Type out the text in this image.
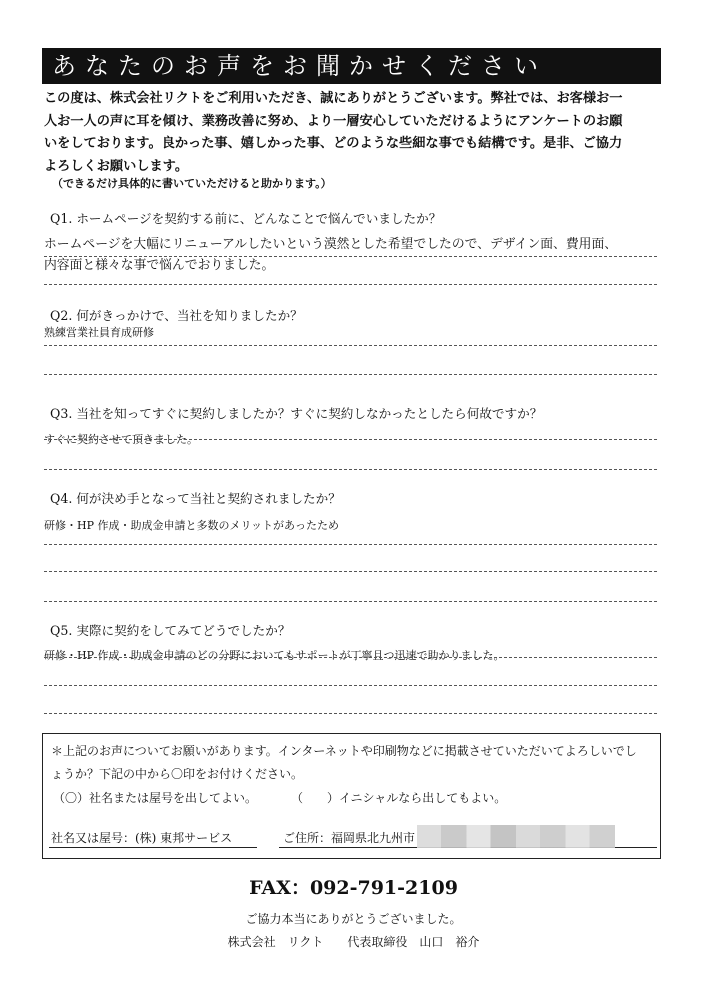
あなたのお声をお聞かせください
この度は、株式会社リクトをご利用いただき、誠にありがとうございます。弊社では、お客様お一
人お一人の声に耳を傾け、業務改善に努め、より一層安心していただけるようにアンケートのお願
いをしております。良かった事、嬉しかった事、どのような些細な事でも結構です。是非、ご協力
よろしくお願いします。
（できるだけ具体的に書いていただけると助かります。）
Q1. ホームページを契約する前に、どんなことで悩んでいましたか？
ホームページを大幅にリニューアルしたいという漠然とした希望でしたので、デザイン面、費用面、
内容面と様々な事で悩んでおりました。
Q2. 何がきっかけで、当社を知りましたか？
熟練営業社員育成研修
Q3. 当社を知ってすぐに契約しましたか？すぐに契約しなかったとしたら何故ですか？
すぐに契約させて頂きました。
Q4. 何が決め手となって当社と契約されましたか？
研修・HP 作成・助成金申請と多数のメリットがあったため
Q5. 実際に契約をしてみてどうでしたか？
研修・HP 作成・助成金申請のどの分野においてもサポートが丁寧且つ迅速で助かりました。
＊上記のお声についてお願いがあります。インターネットや印刷物などに掲載させていただいてよろしいでし
ょうか？下記の中から〇印をお付けください。
（〇）社名または屋号を出してよい。	（　　）イニシャルなら出してもよい。
社名又は屋号：(株) 東邦サービス	ご住所：福岡県北九州市
FAX：092-791-2109
ご協力本当にありがとうございました。
株式会社　リクト　　代表取締役　山口　裕介
